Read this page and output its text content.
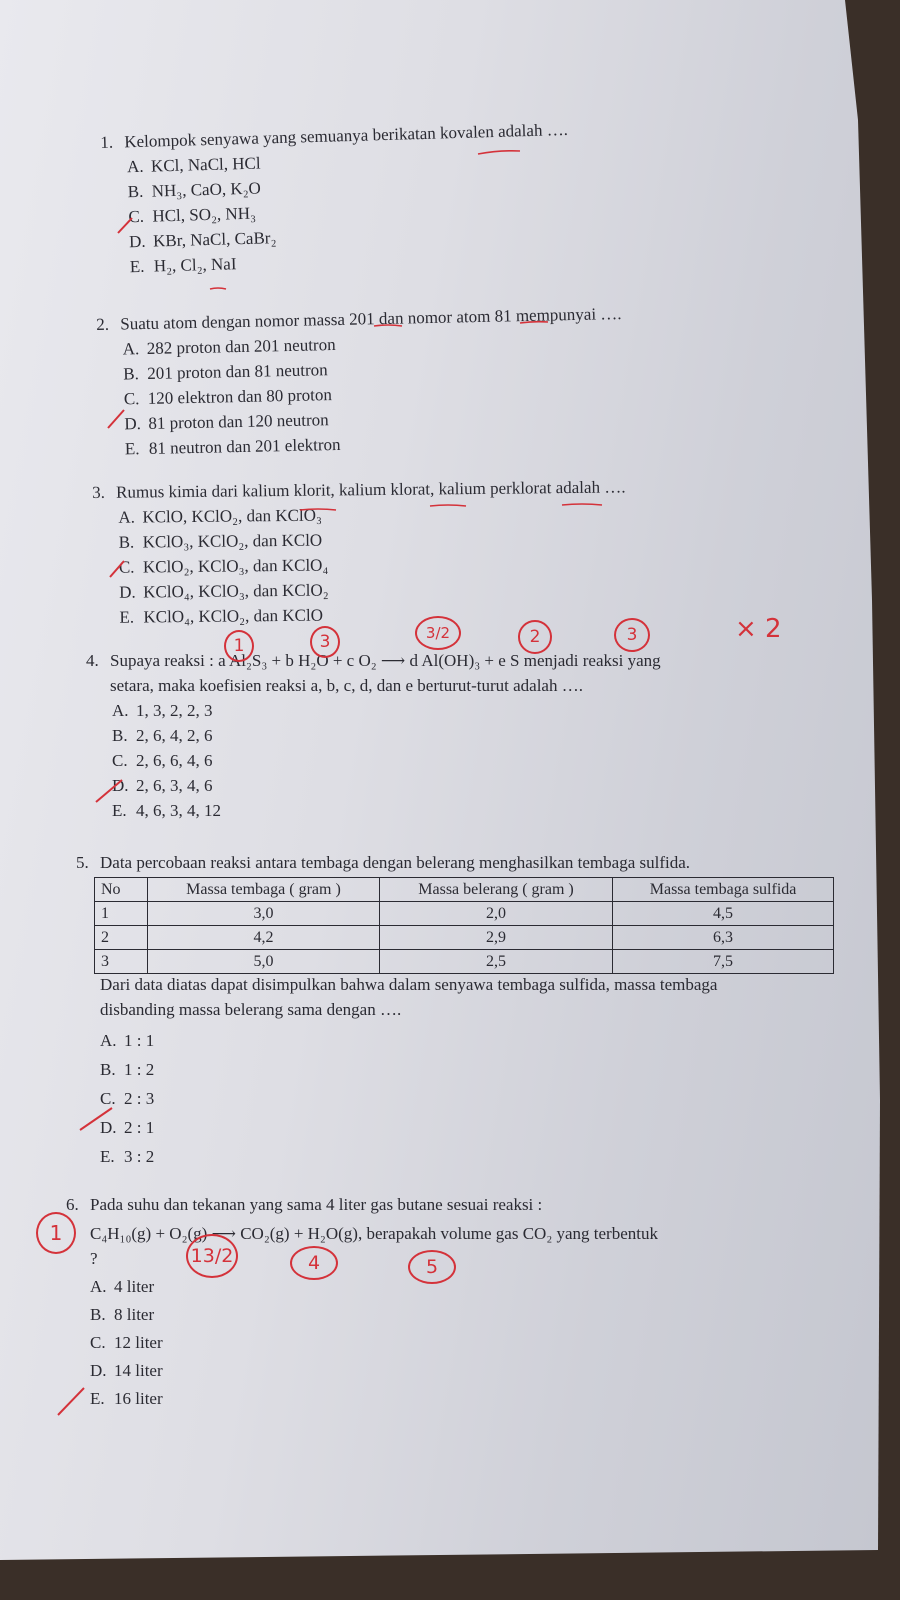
1. Kelompok senyawa yang semuanya berikatan kovalen adalah ….
A. KCl, NaCl, HCl
B. NH₃, CaO, K₂O
C. HCl, SO₂, NH₃
D. KBr, NaCl, CaBr₂
E. H₂, Cl₂, NaI
2. Suatu atom dengan nomor massa 201 dan nomor atom 81 mempunyai ….
A. 282 proton dan 201 neutron
B. 201 proton dan 81 neutron
C. 120 elektron dan 80 proton
D. 81 proton dan 120 neutron
E. 81 neutron dan 201 elektron
3. Rumus kimia dari kalium klorit, kalium klorat, kalium perklorat adalah ….
A. KClO, KClO₂, dan KClO₃
B. KClO₃, KClO₂, dan KClO
C. KClO₂, KClO₃, dan KClO₄
D. KClO₄, KClO₃, dan KClO₂
E. KClO₄, KClO₂, dan KClO
4. Supaya reaksi : a Al₂S₃ + b H₂O + c O₂ ⟶ d Al(OH)₃ + e S menjadi reaksi yang
setara, maka koefisien reaksi a, b, c, d, dan e berturut-turut adalah ….
A. 1, 3, 2, 2, 3
B. 2, 6, 4, 2, 6
C. 2, 6, 6, 4, 6
D. 2, 6, 3, 4, 6
E. 4, 6, 3, 4, 12
5. Data percobaan reaksi antara tembaga dengan belerang menghasilkan tembaga sulfida.
No	Massa tembaga ( gram )	Massa belerang ( gram )	Massa tembaga sulfida
1	3,0	2,0	4,5
2	4,2	2,9	6,3
3	5,0	2,5	7,5
Dari data diatas dapat disimpulkan bahwa dalam senyawa tembaga sulfida, massa tembaga
disbanding massa belerang sama dengan ….
A. 1 : 1
B. 1 : 2
C. 2 : 3
D. 2 : 1
E. 3 : 2
6. Pada suhu dan tekanan yang sama 4 liter gas butane sesuai reaksi :
C₄H₁₀(g) + O₂(g) ⟶ CO₂(g) + H₂O(g), berapakah volume gas CO₂ yang terbentuk
?
A. 4 liter
B. 8 liter
C. 12 liter
D. 14 liter
E. 16 liter
1	3	3/2	2	3	× 2
1
13/2	4	5
